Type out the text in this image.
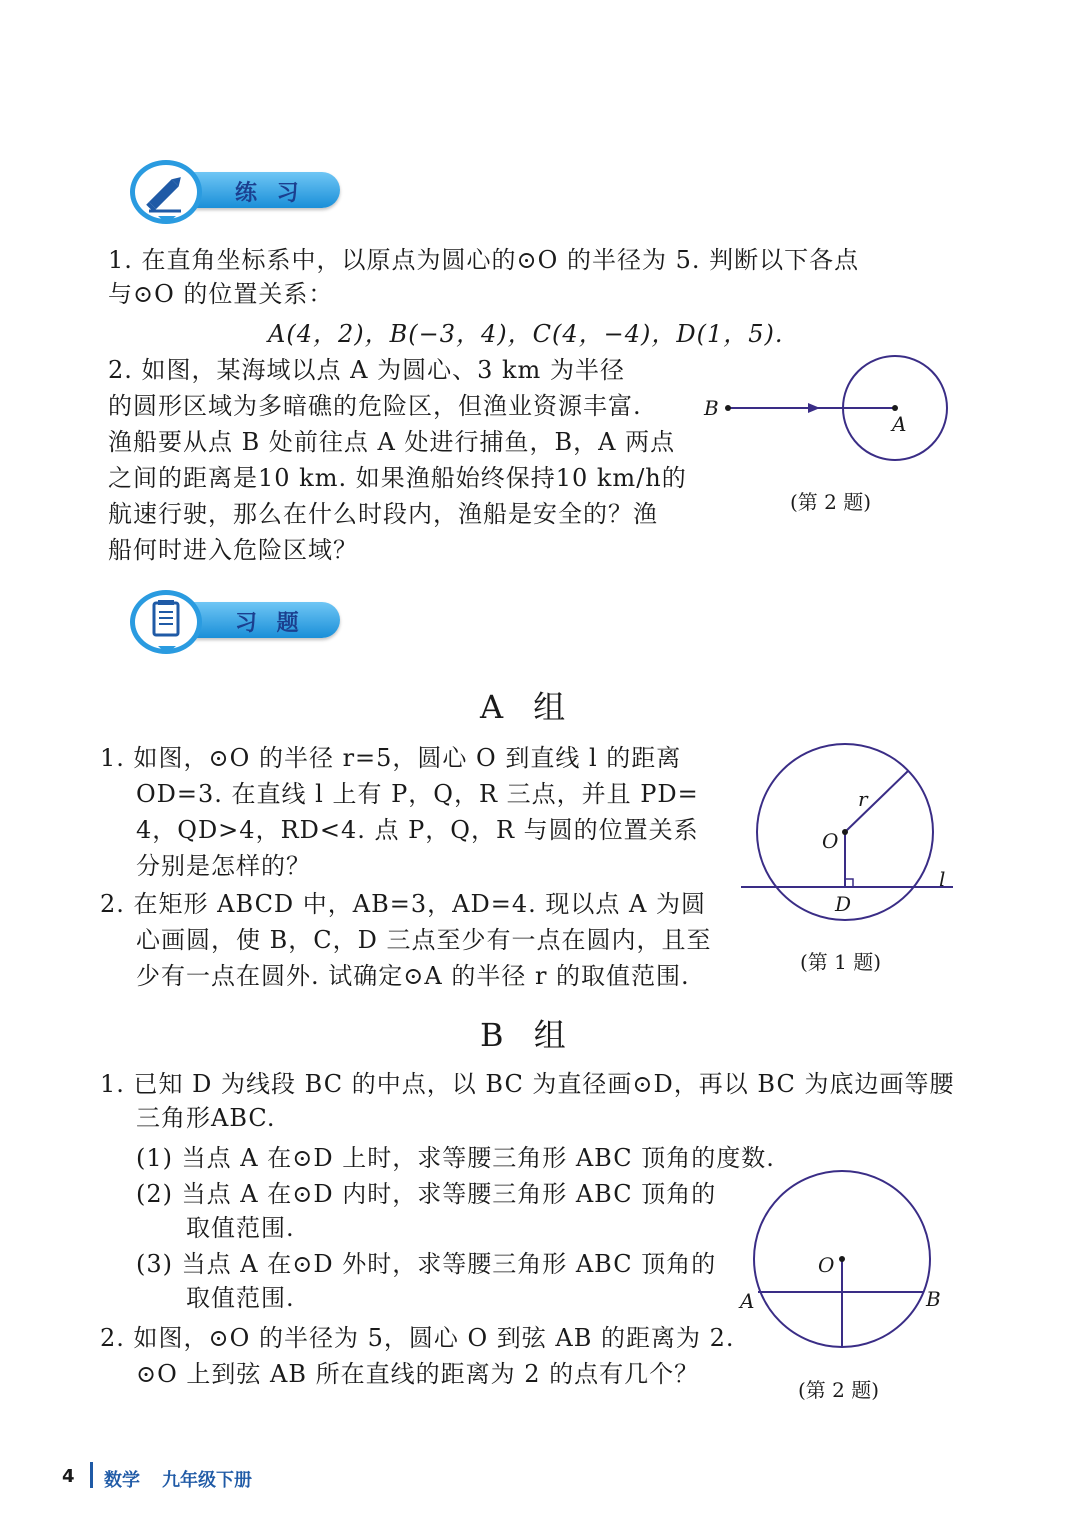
练 习
1. 在直角坐标系中，以原点为圆心的⊙O 的半径为 5. 判断以下各点
与⊙O 的位置关系：
A(4，2)，B(−3，4)，C(4，−4)，D(1，5).
2. 如图，某海域以点 A 为圆心、3 km 为半径
的圆形区域为多暗礁的危险区，但渔业资源丰富.
渔船要从点 B 处前往点 A 处进行捕鱼，B，A 两点
之间的距离是10 km. 如果渔船始终保持10 km/h的
航速行驶，那么在什么时段内，渔船是安全的？渔
船何时进入危险区域？
B
A
(第 2 题)
习 题
A 组
1. 如图，⊙O 的半径 r=5，圆心 O 到直线 l 的距离
OD=3. 在直线 l 上有 P，Q，R 三点，并且 PD=
4，QD>4，RD<4. 点 P，Q，R 与圆的位置关系
分别是怎样的？
2. 在矩形 ABCD 中，AB=3，AD=4. 现以点 A 为圆
心画圆，使 B，C，D 三点至少有一点在圆内，且至
少有一点在圆外. 试确定⊙A 的半径 r 的取值范围.
r
O
l
D
(第 1 题)
B 组
1. 已知 D 为线段 BC 的中点，以 BC 为直径画⊙D，再以 BC 为底边画等腰
三角形ABC.
(1) 当点 A 在⊙D 上时，求等腰三角形 ABC 顶角的度数.
(2) 当点 A 在⊙D 内时，求等腰三角形 ABC 顶角的
取值范围.
(3) 当点 A 在⊙D 外时，求等腰三角形 ABC 顶角的
取值范围.
2. 如图，⊙O 的半径为 5，圆心 O 到弦 AB 的距离为 2.
⊙O 上到弦 AB 所在直线的距离为 2 的点有几个？
O
A	B
(第 2 题)
4 数学 九年级下册
